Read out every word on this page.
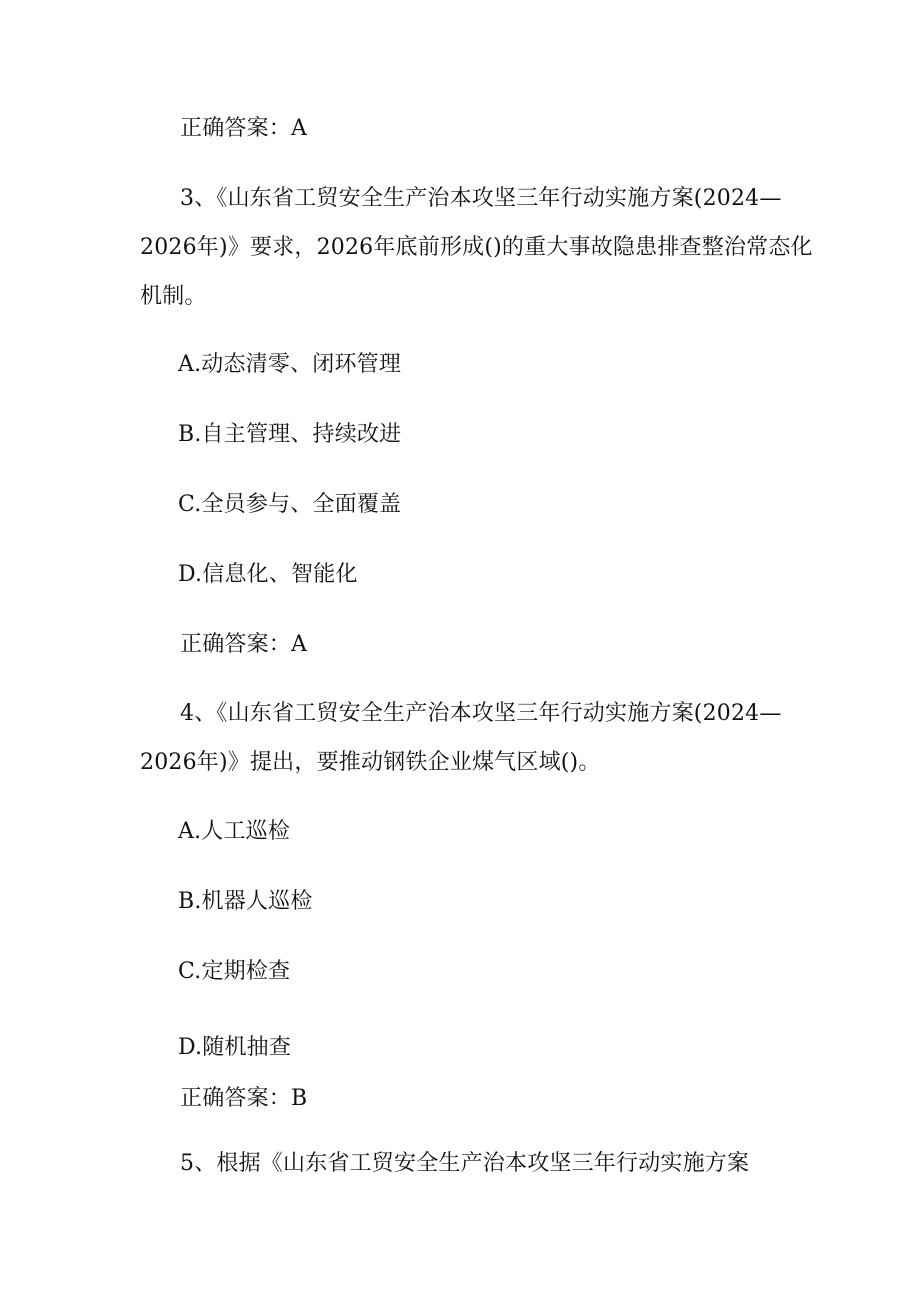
正确答案：A
3、《山东省工贸安全生产治本攻坚三年行动实施方案(2024—
2026年)》要求，2026年底前形成()的重大事故隐患排查整治常态化
机制。
A.动态清零、闭环管理
B.自主管理、持续改进
C.全员参与、全面覆盖
D.信息化、智能化
正确答案：A
4、《山东省工贸安全生产治本攻坚三年行动实施方案(2024—
2026年)》提出，要推动钢铁企业煤气区域()。
A.人工巡检
B.机器人巡检
C.定期检查
D.随机抽查
正确答案：B
5、根据《山东省工贸安全生产治本攻坚三年行动实施方案
